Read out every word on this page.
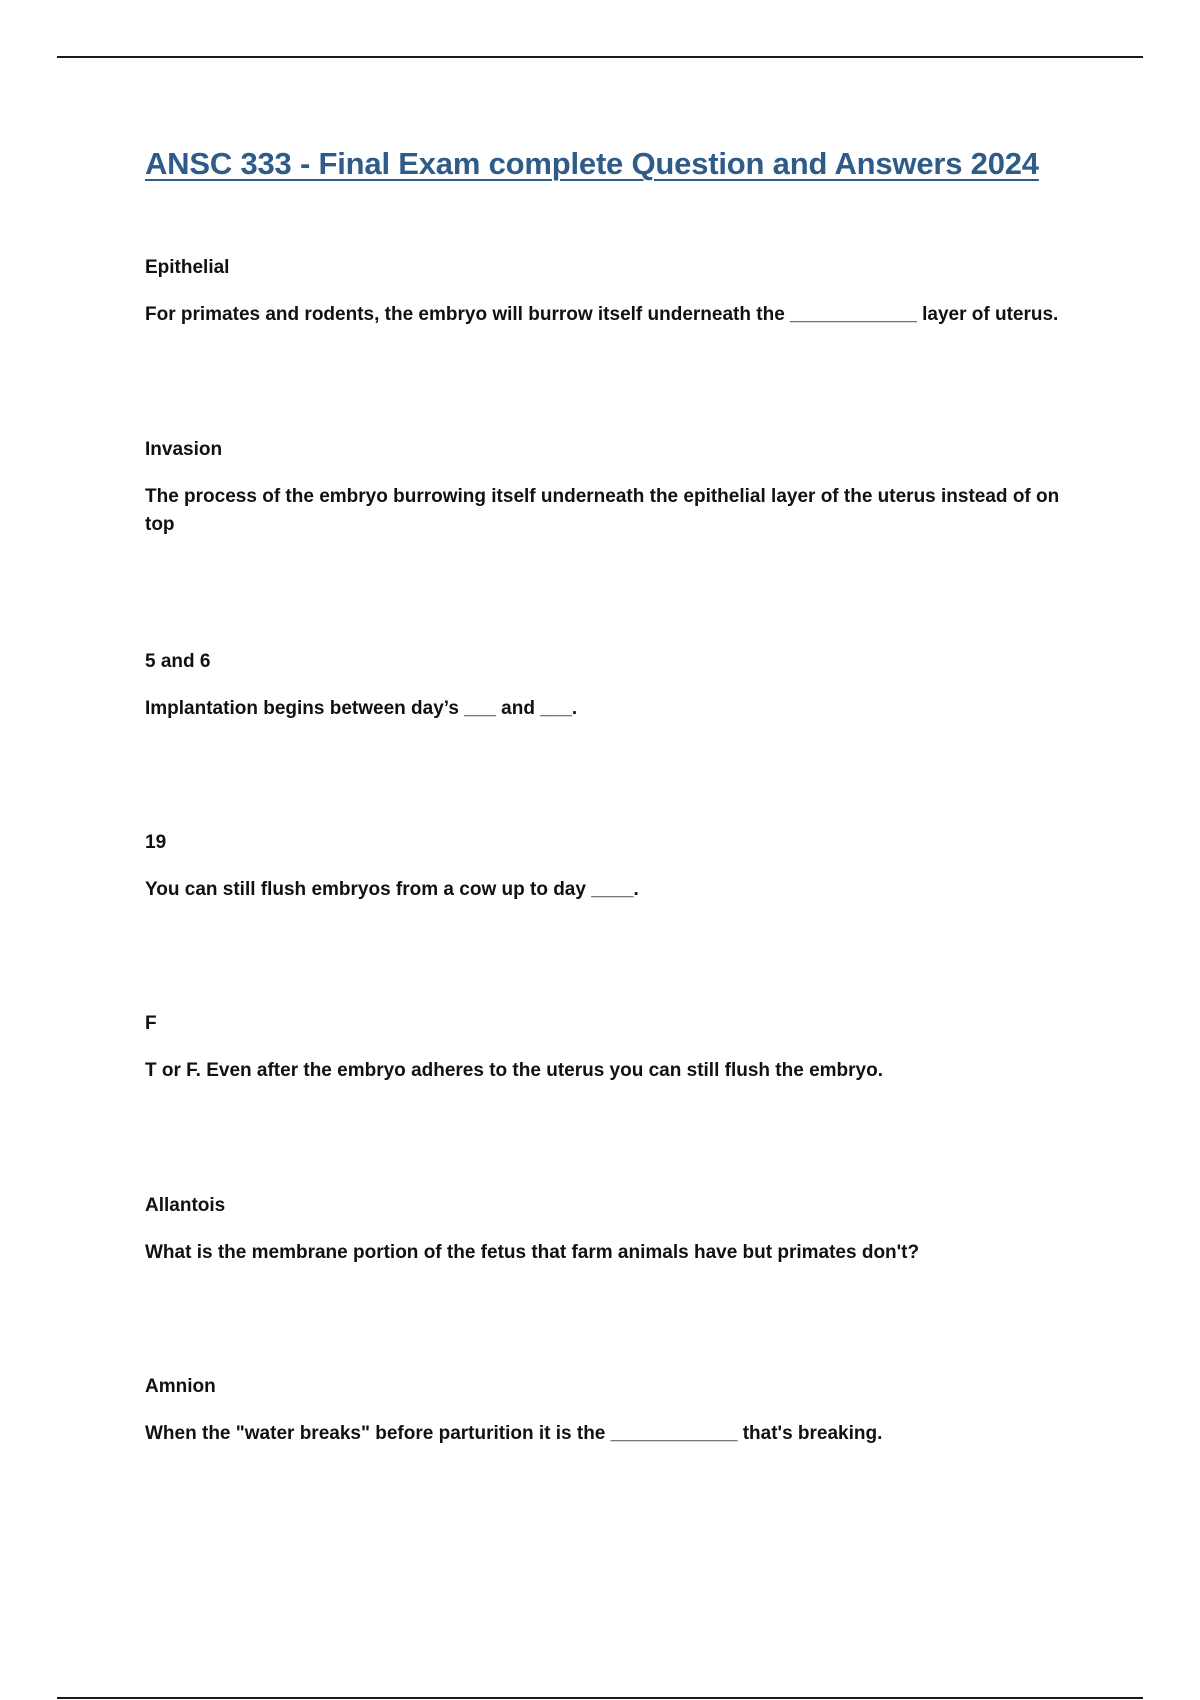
ANSC 333 - Final Exam complete Question and Answers 2024

Epithelial

For primates and rodents, the embryo will burrow itself underneath the ____________ layer of uterus.

Invasion

The process of the embryo burrowing itself underneath the epithelial layer of the uterus instead of on top

5 and 6

Implantation begins between day’s ___ and ___.

19

You can still flush embryos from a cow up to day ____.

F

T or F. Even after the embryo adheres to the uterus you can still flush the embryo.

Allantois

What is the membrane portion of the fetus that farm animals have but primates don't?

Amnion

When the "water breaks" before parturition it is the ____________ that's breaking.
